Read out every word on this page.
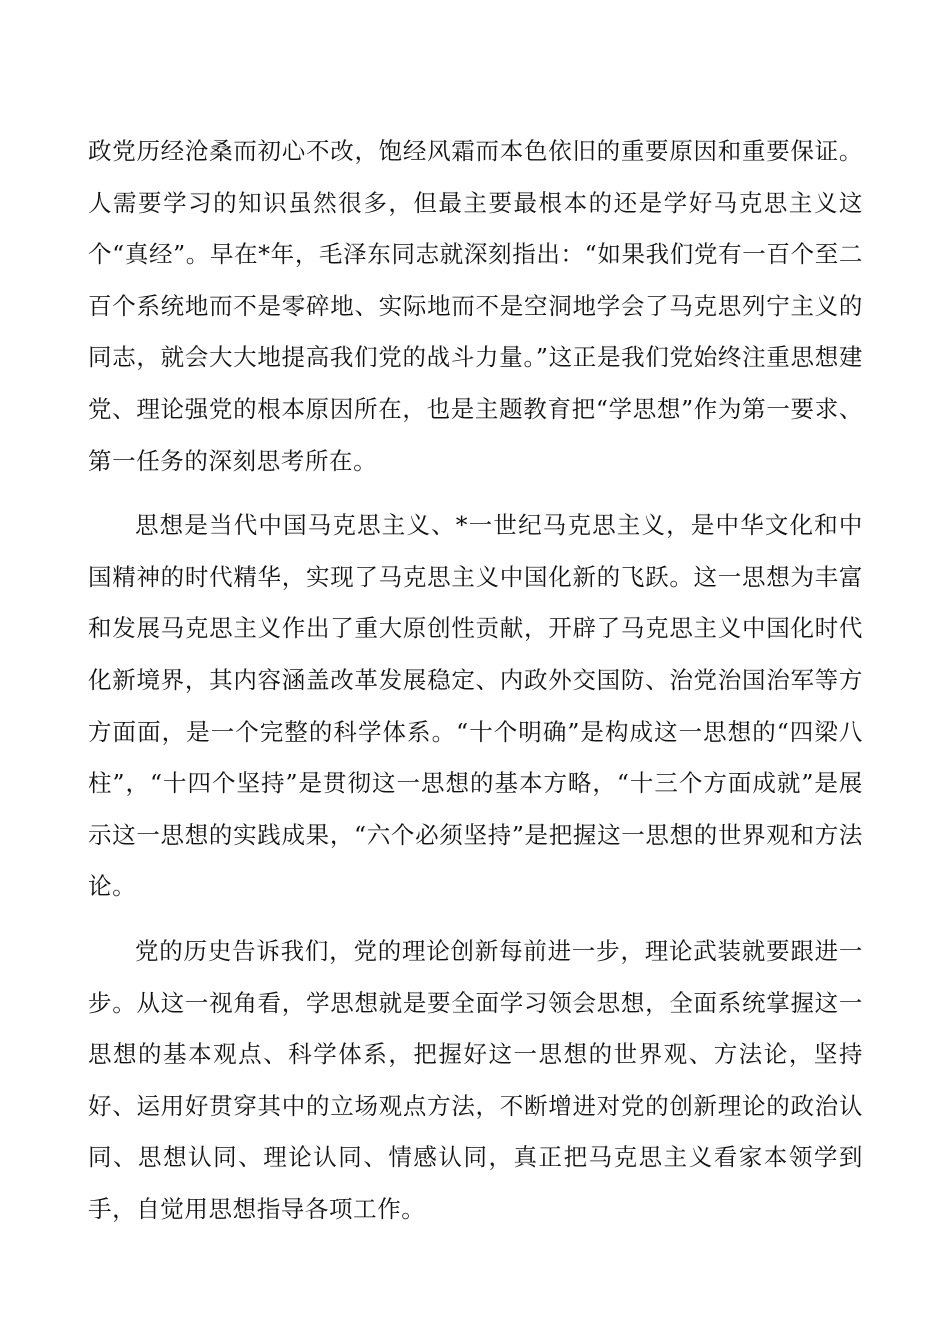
政党历经沧桑而初心不改，饱经风霜而本色依旧的重要原因和重要保证。人需要学习的知识虽然很多，但最主要最根本的还是学好马克思主义这个“真经”。早在*年，毛泽东同志就深刻指出：“如果我们党有一百个至二百个系统地而不是零碎地、实际地而不是空洞地学会了马克思列宁主义的同志，就会大大地提高我们党的战斗力量。”这正是我们党始终注重思想建党、理论强党的根本原因所在，也是主题教育把“学思想”作为第一要求、第一任务的深刻思考所在。

思想是当代中国马克思主义、*一世纪马克思主义，是中华文化和中国精神的时代精华，实现了马克思主义中国化新的飞跃。这一思想为丰富和发展马克思主义作出了重大原创性贡献，开辟了马克思主义中国化时代化新境界，其内容涵盖改革发展稳定、内政外交国防、治党治国治军等方方面面，是一个完整的科学体系。“十个明确”是构成这一思想的“四梁八柱”，“十四个坚持”是贯彻这一思想的基本方略，“十三个方面成就”是展示这一思想的实践成果，“六个必须坚持”是把握这一思想的世界观和方法论。

党的历史告诉我们，党的理论创新每前进一步，理论武装就要跟进一步。从这一视角看，学思想就是要全面学习领会思想，全面系统掌握这一思想的基本观点、科学体系，把握好这一思想的世界观、方法论，坚持好、运用好贯穿其中的立场观点方法，不断增进对党的创新理论的政治认同、思想认同、理论认同、情感认同，真正把马克思主义看家本领学到手，自觉用思想指导各项工作。
